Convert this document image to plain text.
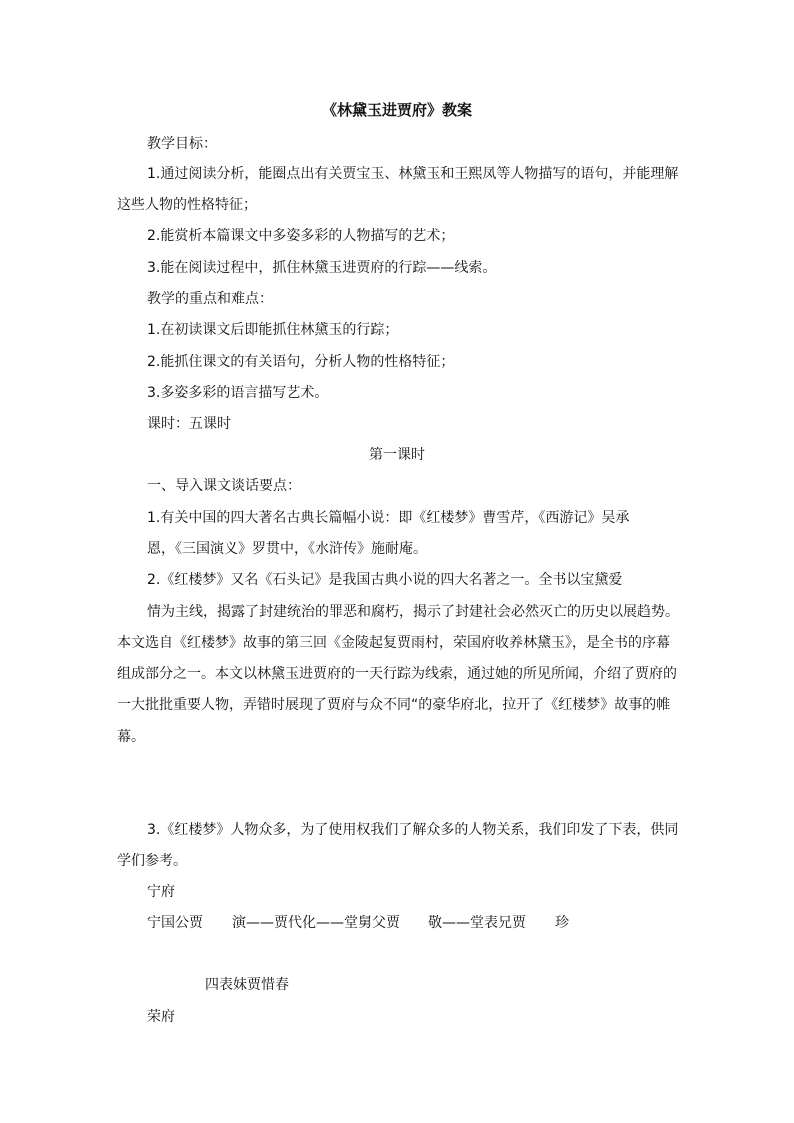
《林黛玉进贾府》教案
教学目标：
1.通过阅读分析，能圈点出有关贾宝玉、林黛玉和王熙凤等人物描写的语句，并能理解
这些人物的性格特征；
2.能赏析本篇课文中多姿多彩的人物描写的艺术；
3.能在阅读过程中，抓住林黛玉进贾府的行踪——线索。
教学的重点和难点：
1.在初读课文后即能抓住林黛玉的行踪；
2.能抓住课文的有关语句，分析人物的性格特征；
3.多姿多彩的语言描写艺术。
课时：五课时
第一课时
一、导入课文谈话要点：
1.有关中国的四大著名古典长篇幅小说：即《红楼梦》曹雪芹，《西游记》吴承
恩，《三国演义》罗贯中，《水浒传》施耐庵。
2.《红楼梦》又名《石头记》是我国古典小说的四大名著之一。全书以宝黛爱
情为主线，揭露了封建统治的罪恶和腐朽，揭示了封建社会必然灭亡的历史以展趋势。
本文选自《红楼梦》故事的第三回《金陵起复贾雨村，荣国府收养林黛玉》，是全书的序幕
组成部分之一。本文以林黛玉进贾府的一天行踪为线索，通过她的所见所闻，介绍了贾府的
一大批批重要人物，弄错时展现了贾府与众不同“的豪华府北，拉开了《红楼梦》故事的帷
幕。
3.《红楼梦》人物众多，为了使用权我们了解众多的人物关系，我们印发了下表，供同
学们参考。
宁府
宁国公贾 演——贾代化——堂舅父贾 敬——堂表兄贾 珍
四表妹贾惜春
荣府
